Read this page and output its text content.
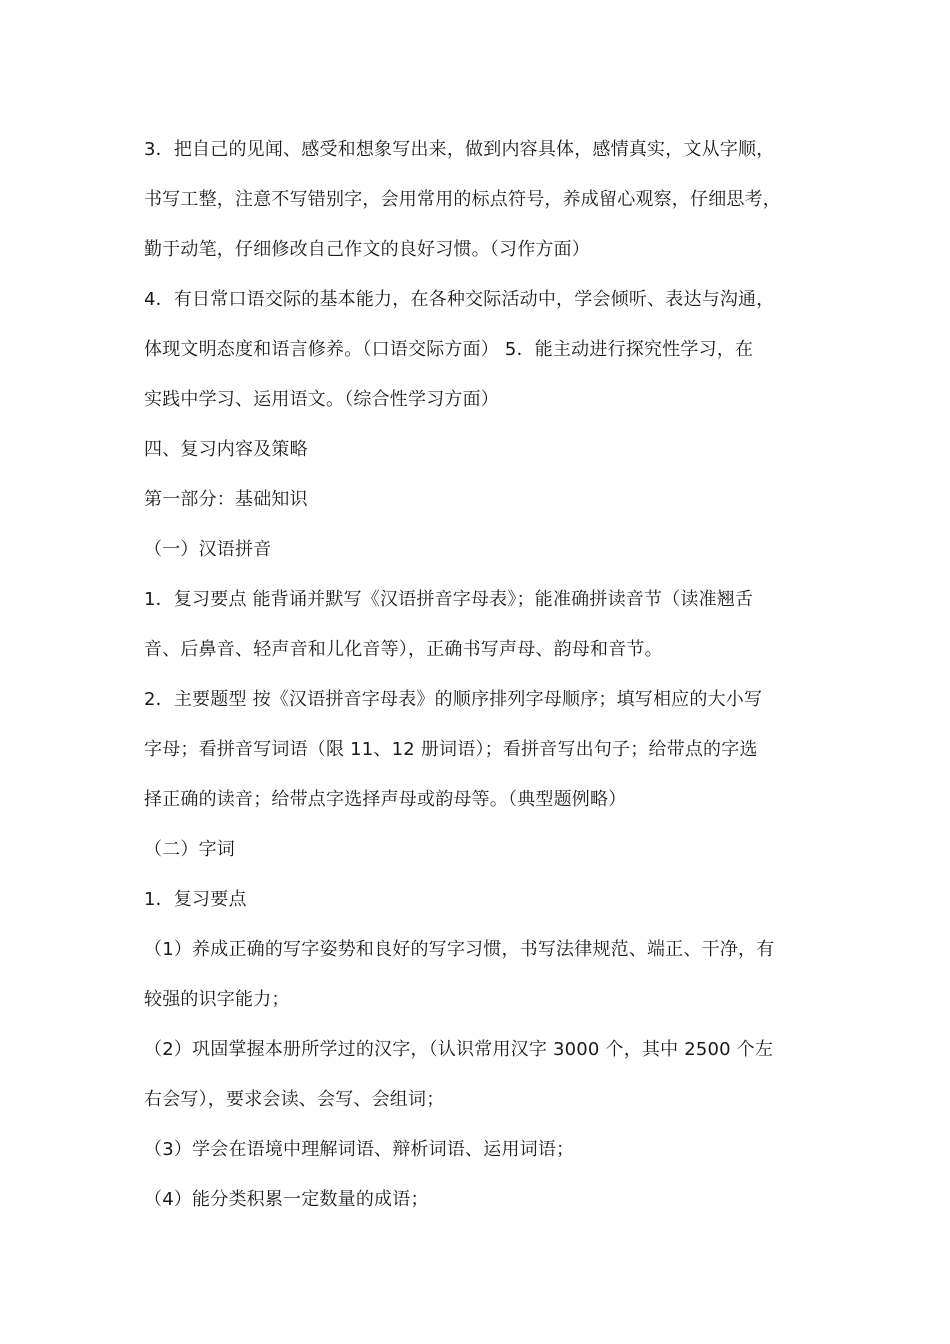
3．把自己的见闻、感受和想象写出来，做到内容具体，感情真实，文从字顺，
书写工整，注意不写错别字，会用常用的标点符号，养成留心观察，仔细思考，
勤于动笔，仔细修改自己作文的良好习惯。（习作方面）
4．有日常口语交际的基本能力，在各种交际活动中，学会倾听、表达与沟通，
体现文明态度和语言修养。（口语交际方面） 5．能主动进行探究性学习，在
实践中学习、运用语文。（综合性学习方面）
四、复习内容及策略
第一部分：基础知识
（一）汉语拼音
1．复习要点 能背诵并默写《汉语拼音字母表》；能准确拼读音节（读准翘舌
音、后鼻音、轻声音和儿化音等），正确书写声母、韵母和音节。
2．主要题型 按《汉语拼音字母表》的顺序排列字母顺序；填写相应的大小写
字母；看拼音写词语（限 11、12 册词语）；看拼音写出句子；给带点的字选
择正确的读音；给带点字选择声母或韵母等。（典型题例略）
（二）字词
1．复习要点
（1）养成正确的写字姿势和良好的写字习惯，书写法律规范、端正、干净，有
较强的识字能力；
（2）巩固掌握本册所学过的汉字，（认识常用汉字 3000 个，其中 2500 个左
右会写），要求会读、会写、会组词；
（3）学会在语境中理解词语、辩析词语、运用词语；
（4）能分类积累一定数量的成语；
